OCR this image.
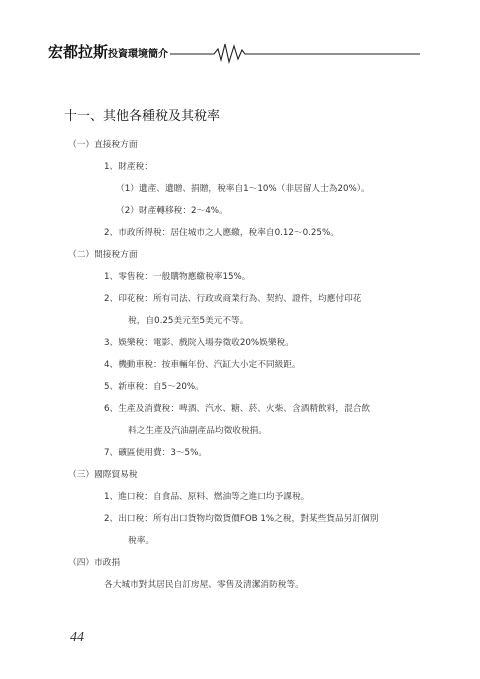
宏都拉斯投資環境簡介
十一、其他各種稅及其稅率
（一）直接稅方面
1、財產稅：
（1）遺產、遺贈、捐贈，稅率自1～10%（非居留人士為20%）。
（2）財產轉移稅：2～4%。
2、市政所得稅：居住城市之人應繳，稅率自0.12～0.25%。
（二）間接稅方面
1、零售稅：一般購物應繳稅率15%。
2、印花稅：所有司法、行政或商業行為、契約、證件，均應付印花
稅，自0.25美元至5美元不等。
3、娛樂稅：電影、戲院入場券徵收20%娛樂稅。
4、機動車稅：按車輛年份、汽缸大小定不同級距。
5、新車稅：自5～20%。
6、生產及消費稅：啤酒、汽水、糖、菸、火柴、含酒精飲料，混合飲
料之生產及汽油副產品均徵收稅捐。
7、礦區使用費：3～5%。
（三）國際貿易稅
1、進口稅：自食品、原料、燃油等之進口均予課稅。
2、出口稅：所有出口貨物均徵貨價FOB 1%之稅，對某些貨品另訂個別
稅率。
（四）市政捐
各大城市對其居民自訂房屋、零售及清潔消防稅等。
44
